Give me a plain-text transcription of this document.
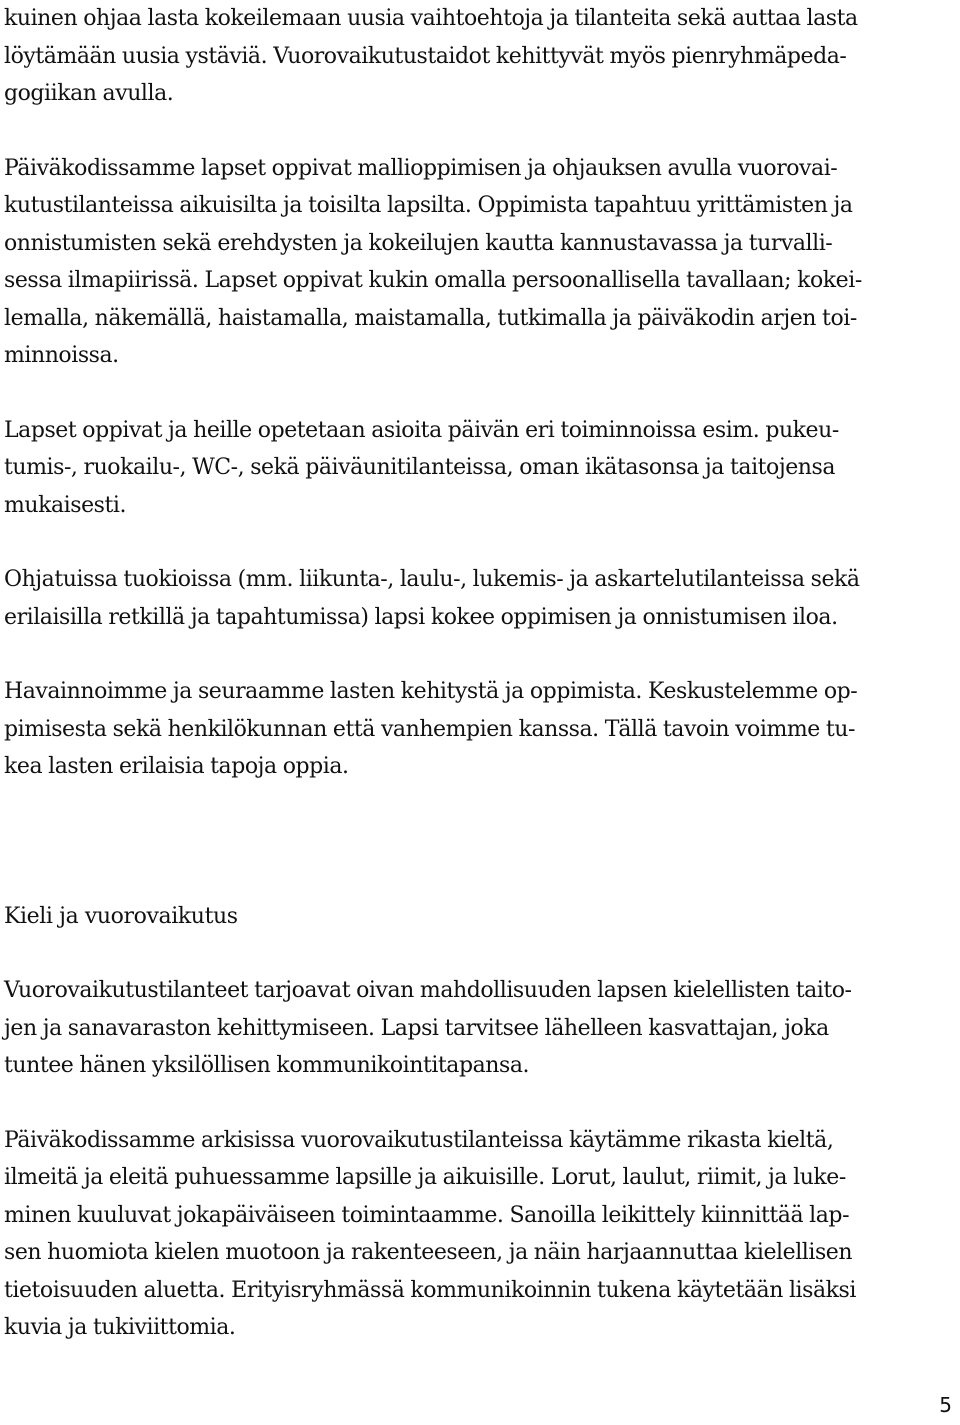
kuinen ohjaa lasta kokeilemaan uusia vaihtoehtoja ja tilanteita sekä auttaa lasta
löytämään uusia ystäviä. Vuorovaikutustaidot kehittyvät myös pienryhmäpeda-
gogiikan avulla.

Päiväkodissamme lapset oppivat mallioppimisen ja ohjauksen avulla vuorovai-
kutustilanteissa aikuisilta ja toisilta lapsilta. Oppimista tapahtuu yrittämisten ja
onnistumisten sekä erehdysten ja kokeilujen kautta kannustavassa ja turvalli-
sessa ilmapiirissä. Lapset oppivat kukin omalla persoonallisella tavallaan; kokei-
lemalla, näkemällä, haistamalla, maistamalla, tutkimalla ja päiväkodin arjen toi-
minnoissa.

Lapset oppivat ja heille opetetaan asioita päivän eri toiminnoissa esim. pukeu-
tumis-, ruokailu-, WC-, sekä päiväunitilanteissa, oman ikätasonsa ja taitojensa
mukaisesti.

Ohjatuissa tuokioissa (mm. liikunta-, laulu-, lukemis- ja askartelutilanteissa sekä
erilaisilla retkillä ja tapahtumissa) lapsi kokee oppimisen ja onnistumisen iloa.

Havainnoimme ja seuraamme lasten kehitystä ja oppimista. Keskustelemme op-
pimisesta sekä henkilökunnan että vanhempien kanssa. Tällä tavoin voimme tu-
kea lasten erilaisia tapoja oppia.

Kieli ja vuorovaikutus

Vuorovaikutustilanteet tarjoavat oivan mahdollisuuden lapsen kielellisten taito-
jen ja sanavaraston kehittymiseen. Lapsi tarvitsee lähelleen kasvattajan, joka
tuntee hänen yksilöllisen kommunikointitapansa.

Päiväkodissamme arkisissa vuorovaikutustilanteissa käytämme rikasta kieltä,
ilmeitä ja eleitä puhuessamme lapsille ja aikuisille. Lorut, laulut, riimit, ja luke-
minen kuuluvat jokapäiväiseen toimintaamme. Sanoilla leikittely kiinnittää lap-
sen huomiota kielen muotoon ja rakenteeseen, ja näin harjaannuttaa kielellisen
tietoisuuden aluetta. Erityisryhmässä kommunikoinnin tukena käytetään lisäksi
kuvia ja tukiviittomia.

5
